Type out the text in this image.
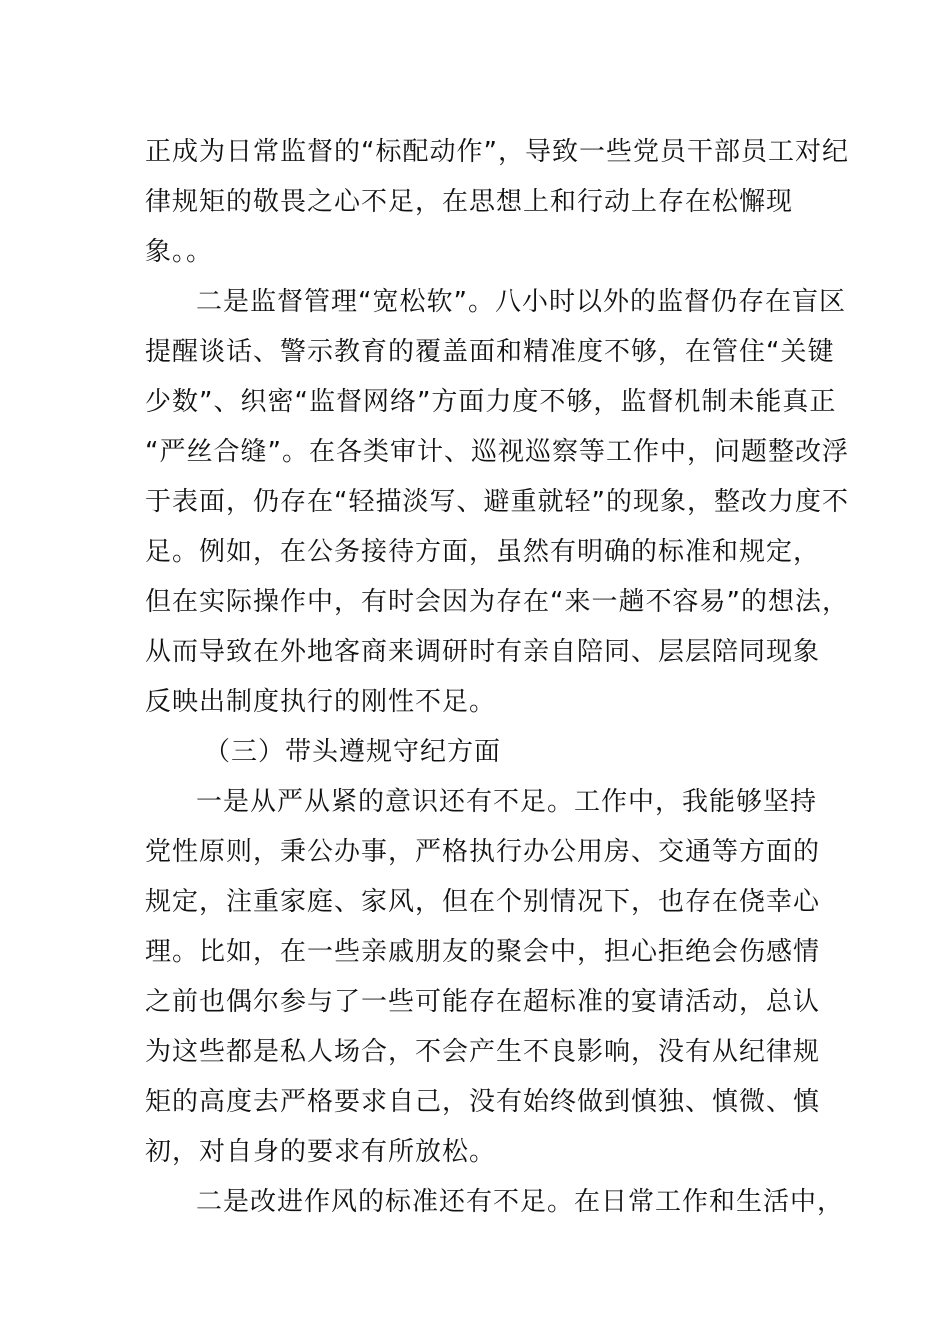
正成为日常监督的“标配动作”，导致一些党员干部员工对纪
律规矩的敬畏之心不足，在思想上和行动上存在松懈现
象。。
二是监督管理“宽松软”。八小时以外的监督仍存在盲区
提醒谈话、警示教育的覆盖面和精准度不够，在管住“关键
少数”、织密“监督网络”方面力度不够，监督机制未能真正
“严丝合缝”。在各类审计、巡视巡察等工作中，问题整改浮
于表面，仍存在“轻描淡写、避重就轻”的现象，整改力度不
足。例如，在公务接待方面，虽然有明确的标准和规定，
但在实际操作中，有时会因为存在“来一趟不容易”的想法，
从而导致在外地客商来调研时有亲自陪同、层层陪同现象
反映出制度执行的刚性不足。
（三）带头遵规守纪方面
一是从严从紧的意识还有不足。工作中，我能够坚持
党性原则，秉公办事，严格执行办公用房、交通等方面的
规定，注重家庭、家风，但在个别情况下，也存在侥幸心
理。比如，在一些亲戚朋友的聚会中，担心拒绝会伤感情
之前也偶尔参与了一些可能存在超标准的宴请活动，总认
为这些都是私人场合，不会产生不良影响，没有从纪律规
矩的高度去严格要求自己，没有始终做到慎独、慎微、慎
初，对自身的要求有所放松。
二是改进作风的标准还有不足。在日常工作和生活中，
